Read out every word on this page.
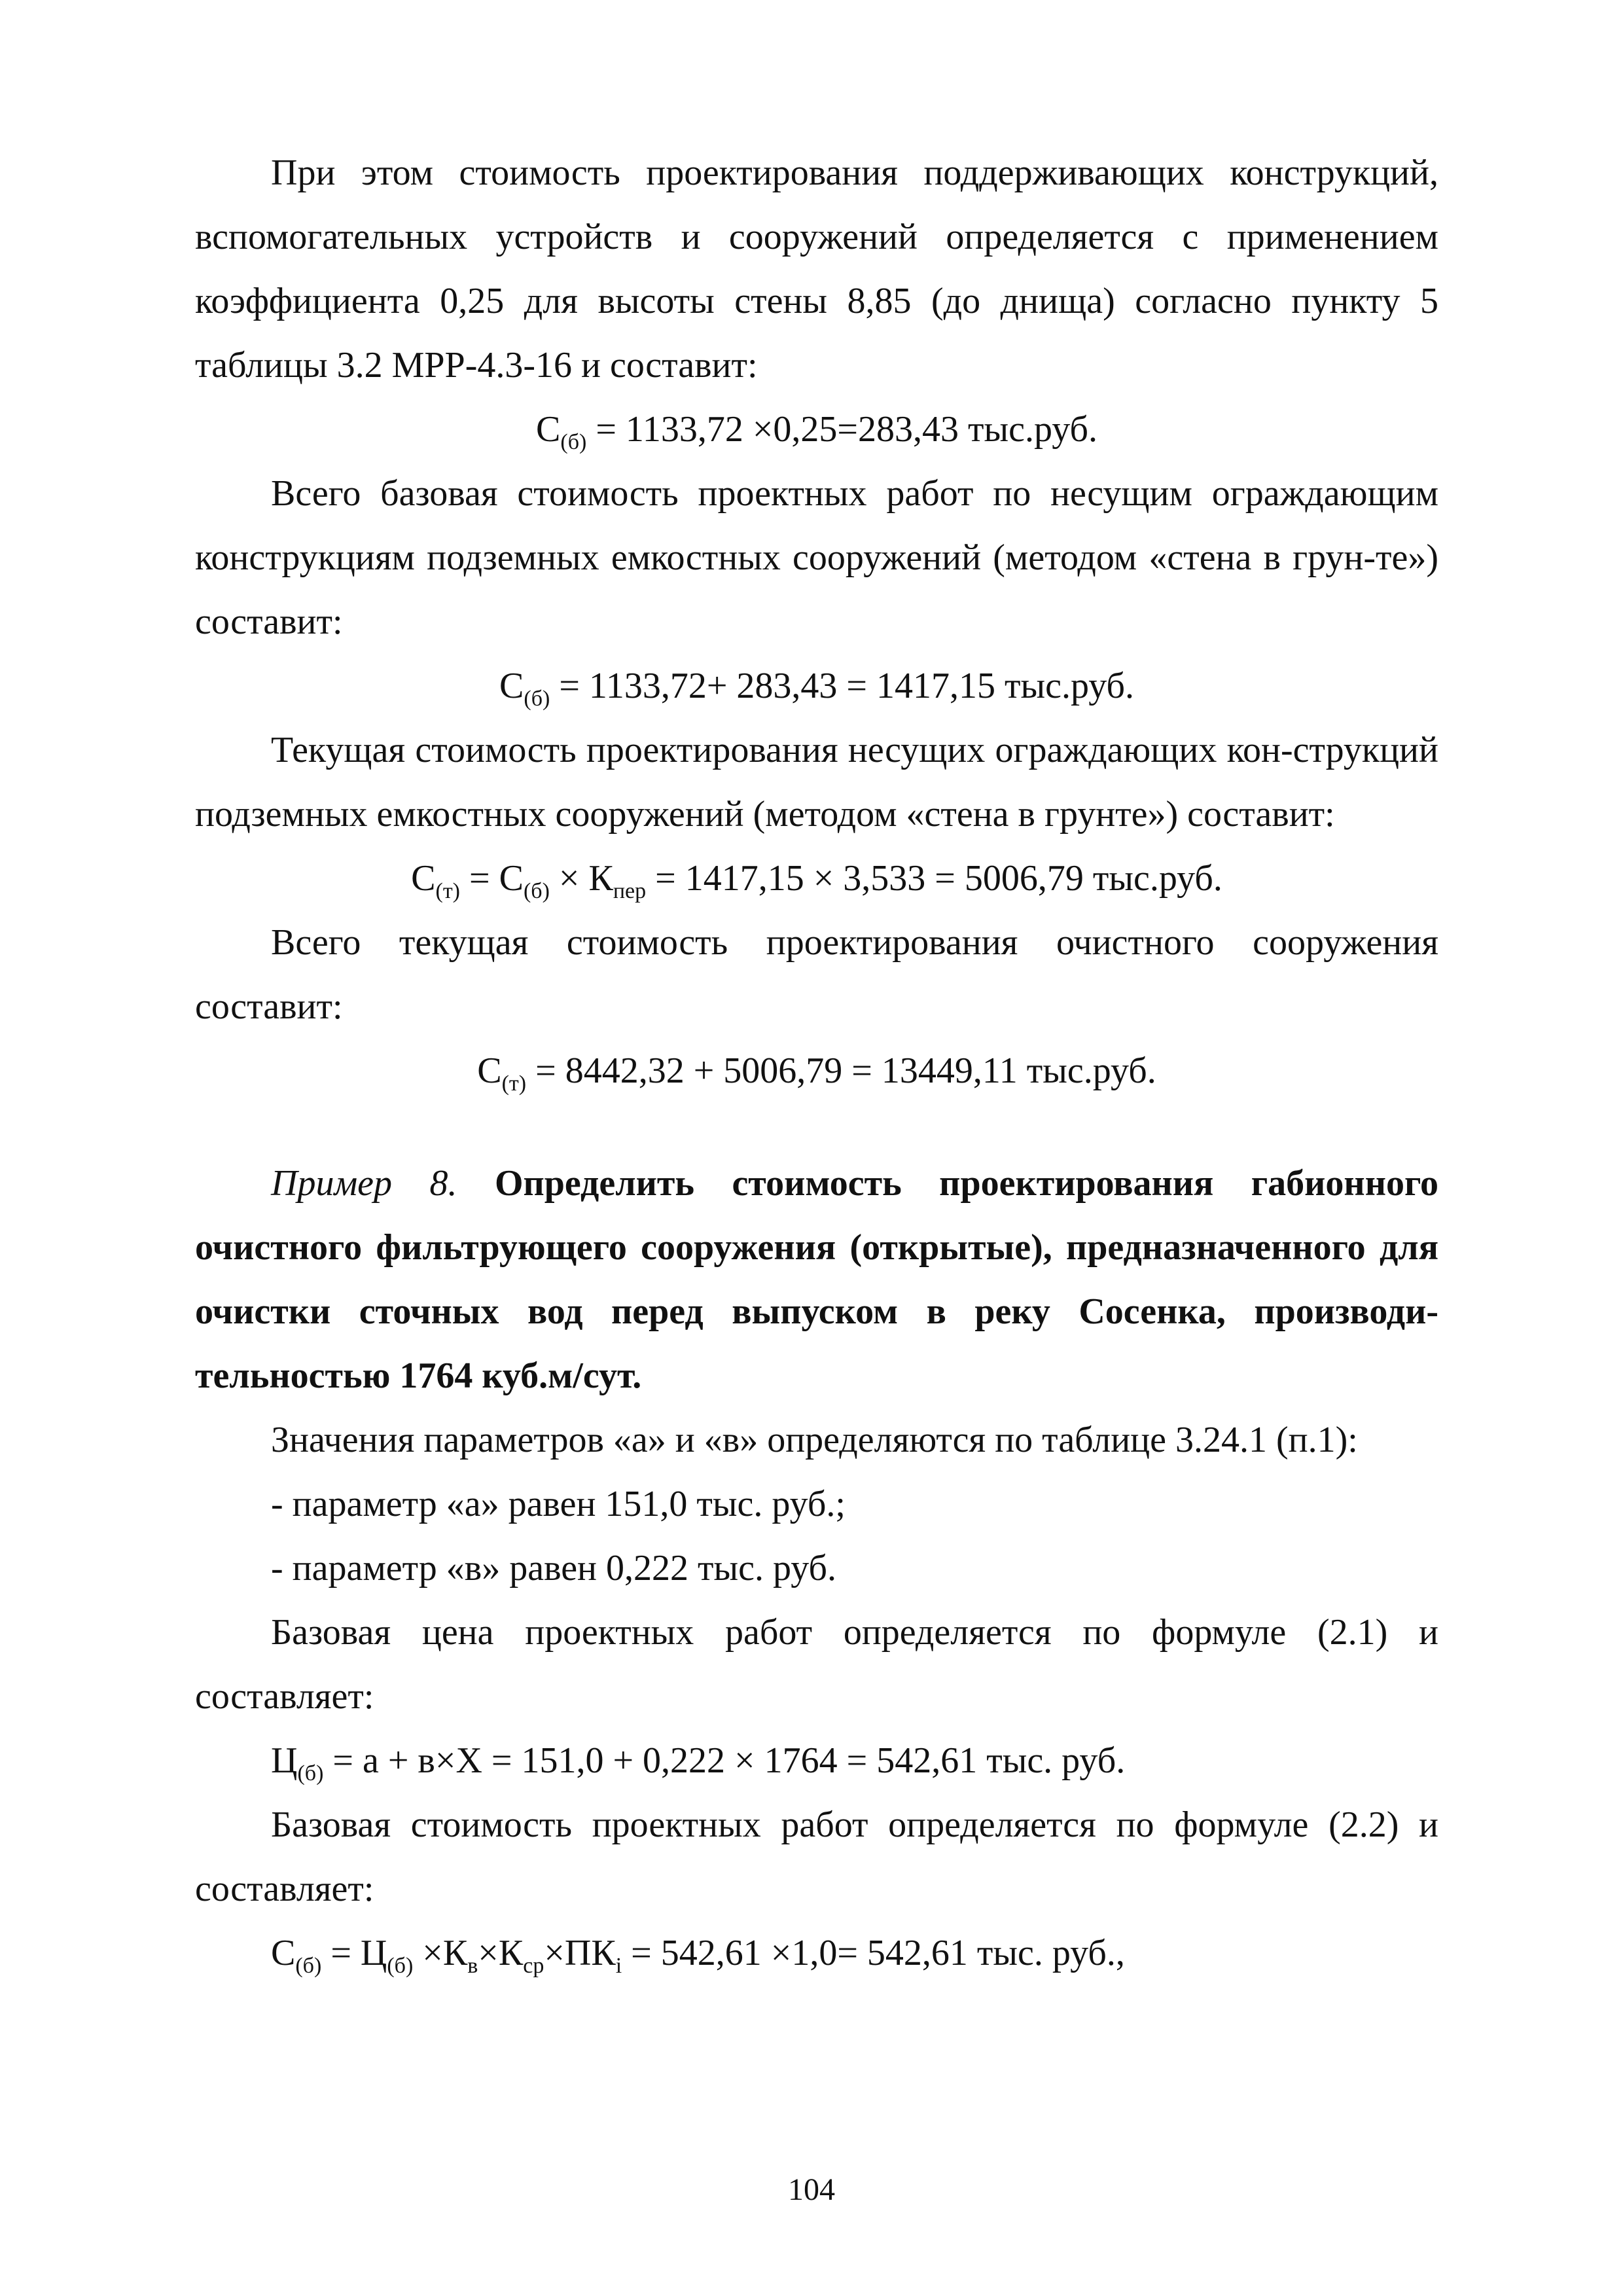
При этом стоимость проектирования поддерживающих конструкций, вспомогательных устройств и сооружений определяется с применением коэффициента 0,25 для высоты стены 8,85 (до днища) согласно пункту 5 таблицы 3.2 МРР-4.3-16 и составит:

$С_{(б)} = 1133,72 \times 0,25=283,43$ тыс.руб.

Всего базовая стоимость проектных работ по несущим ограждающим конструкциям подземных емкостных сооружений (методом «стена в грун-те») составит:

$С_{(б)} = 1133,72+ 283,43 = 1417,15$ тыс.руб.

Текущая стоимость проектирования несущих ограждающих кон-струкций подземных емкостных сооружений (методом «стена в грунте») составит:

$С_{(т)} = С_{(б)} \times К_{пер} = 1417,15 \times 3,533 = 5006,79$ тыс.руб.

Всего текущая стоимость проектирования очистного сооружения составит:

$С_{(т)} = 8442,32 + 5006,79 = 13449,11$ тыс.руб.

Пример 8. Определить стоимость проектирования габионного очистного фильтрующего сооружения (открытые), предназначенного для очистки сточных вод перед выпуском в реку Сосенка, производи-тельностью 1764 куб.м/сут.

Значения параметров «а» и «в» определяются по таблице 3.24.1 (п.1):

- параметр «а» равен 151,0 тыс. руб.;

- параметр «в» равен 0,222 тыс. руб.

Базовая цена проектных работ определяется по формуле (2.1) и составляет:

$Ц_{(б)} = а + в\times Х = 151,0 + 0,222 \times 1764 = 542,61$ тыс. руб.

Базовая стоимость проектных работ определяется по формуле (2.2) и составляет:

$С_{(б)} = Ц_{(б)} \times К_в\times К_{ср}\times ПК_i = 542,61 \times 1,0= 542,61$ тыс. руб.,

104
